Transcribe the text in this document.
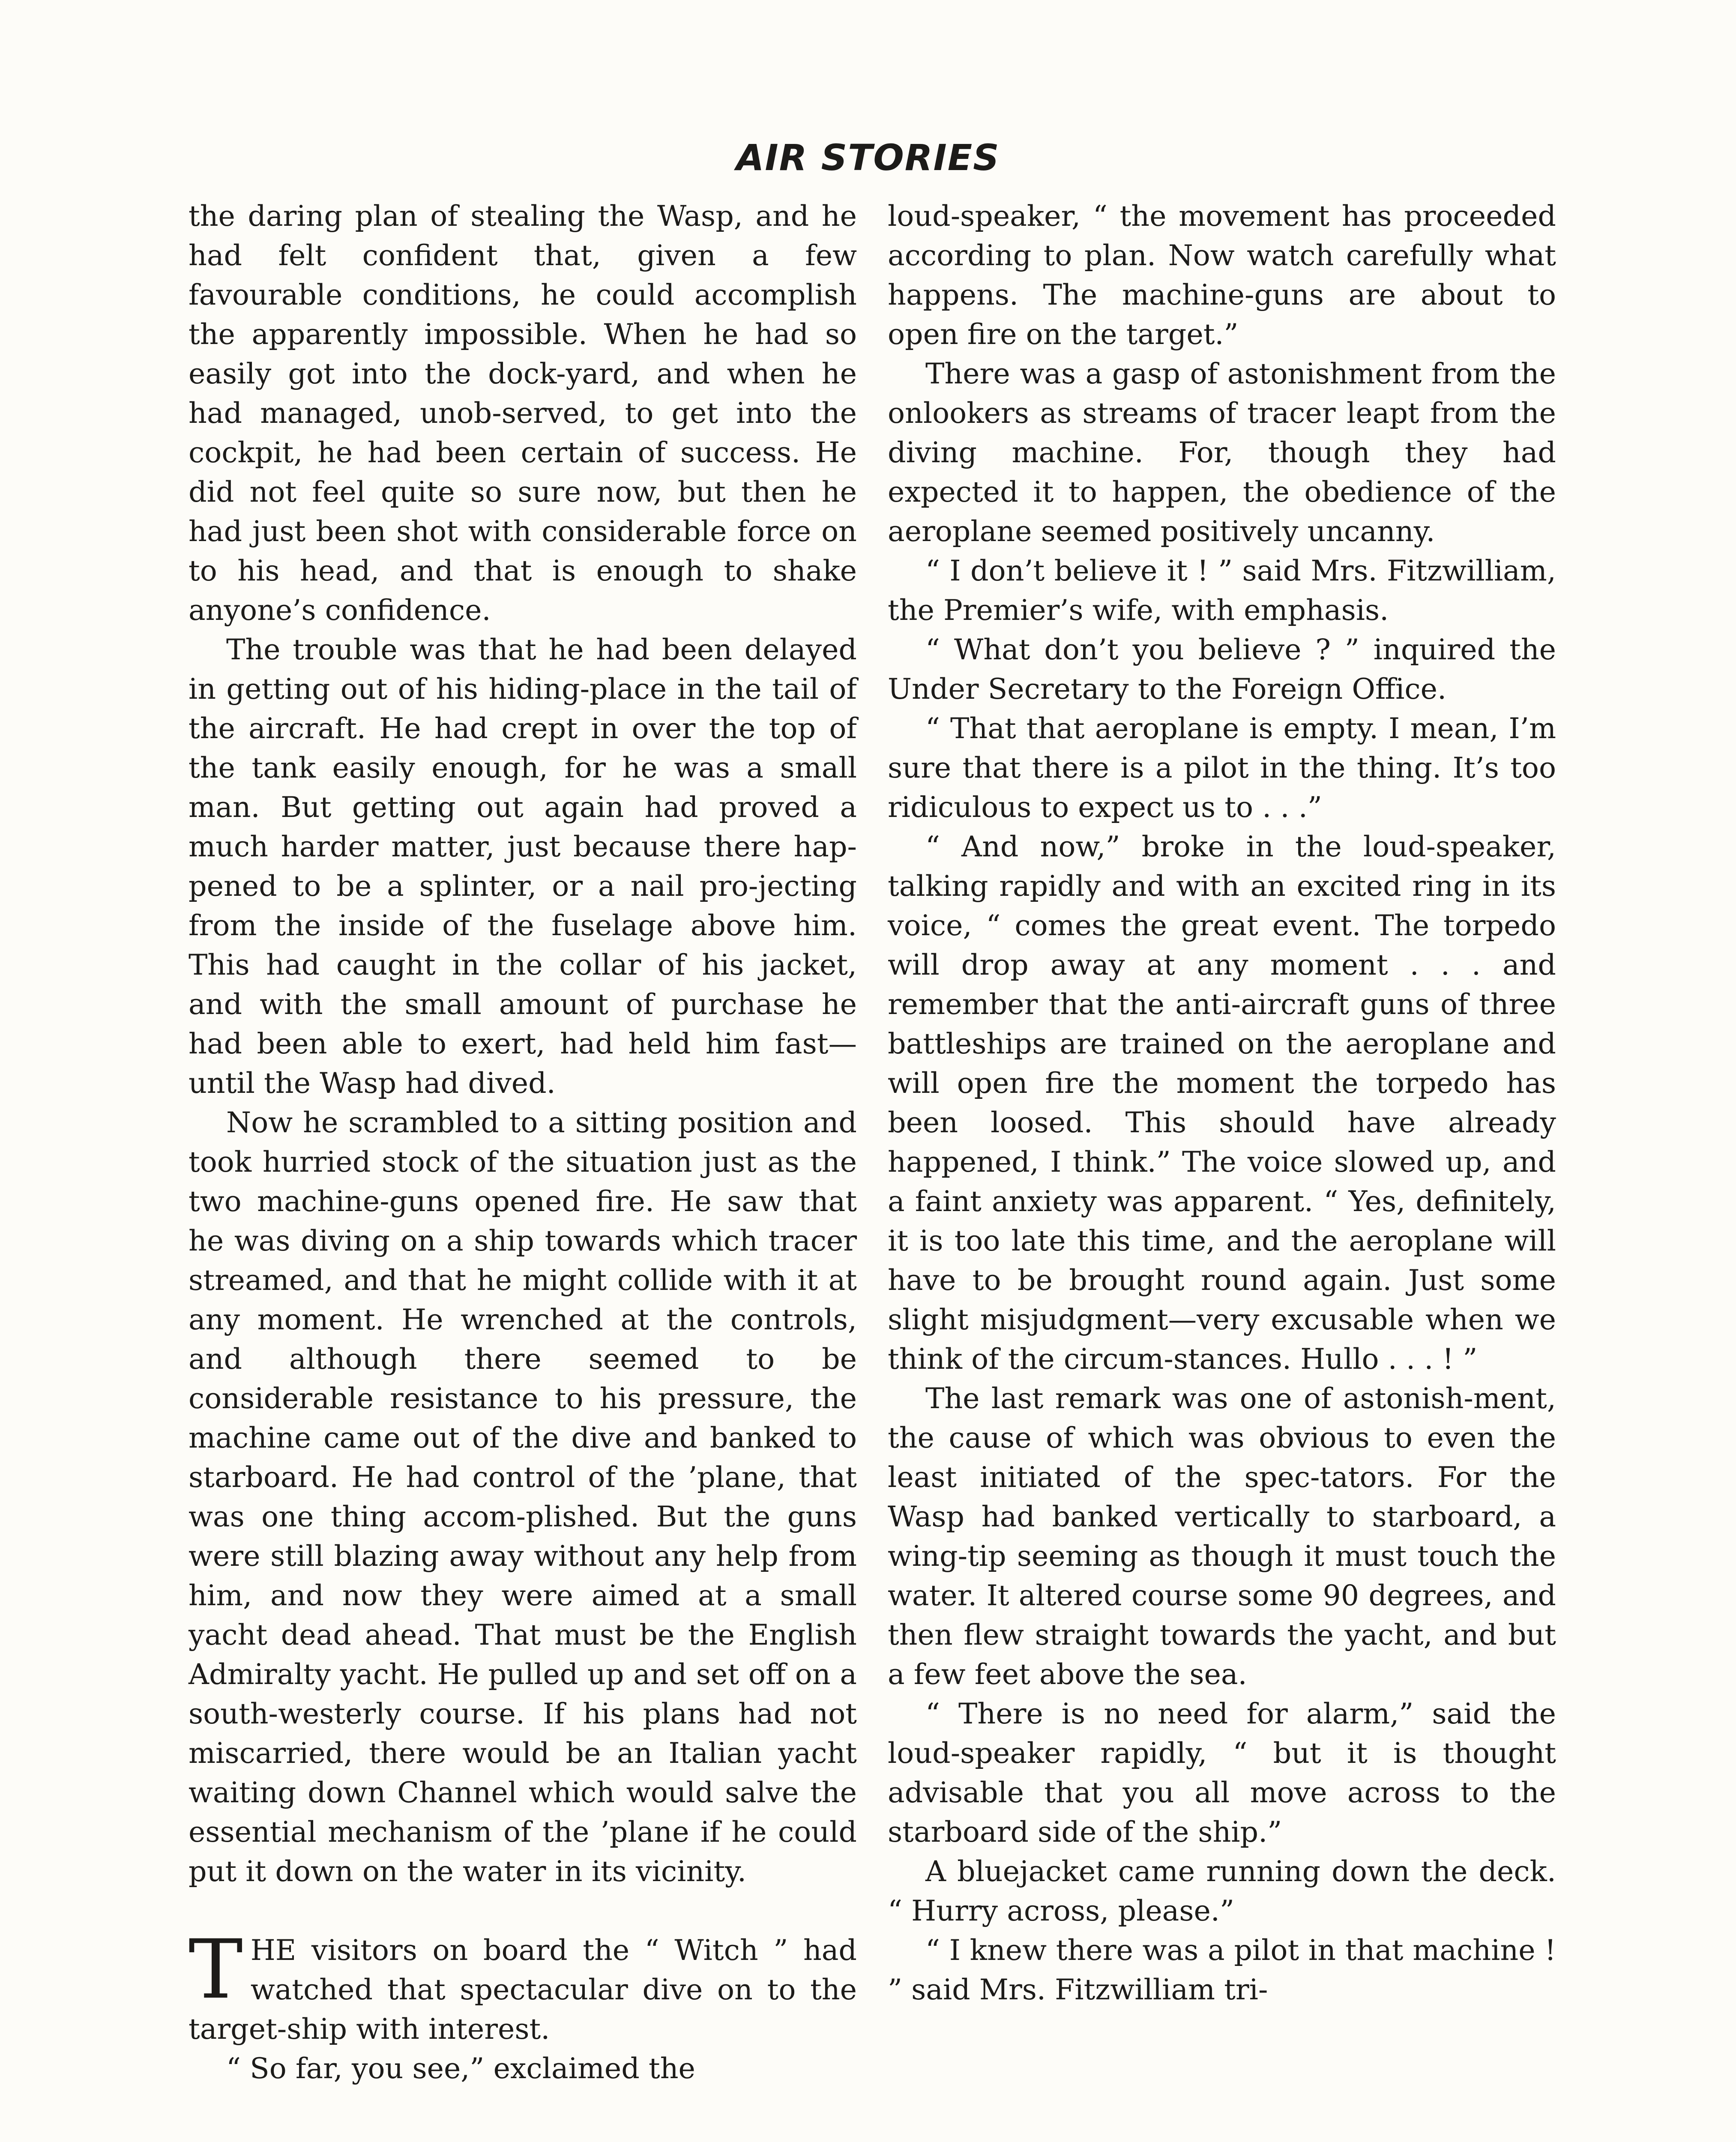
AIR STORIES

the daring plan of stealing the Wasp, and he had felt confident that, given a few favourable conditions, he could accomplish the apparently impossible. When he had so easily got into the dock-yard, and when he had managed, unob-served, to get into the cockpit, he had been certain of success. He did not feel quite so sure now, but then he had just been shot with considerable force on to his head, and that is enough to shake anyone’s confidence.

The trouble was that he had been delayed in getting out of his hiding-place in the tail of the aircraft. He had crept in over the top of the tank easily enough, for he was a small man. But getting out again had proved a much harder matter, just because there hap-pened to be a splinter, or a nail pro-jecting from the inside of the fuselage above him. This had caught in the collar of his jacket, and with the small amount of purchase he had been able to exert, had held him fast—until the Wasp had dived.

Now he scrambled to a sitting position and took hurried stock of the situation just as the two machine-guns opened fire. He saw that he was diving on a ship towards which tracer streamed, and that he might collide with it at any moment. He wrenched at the controls, and although there seemed to be considerable resistance to his pressure, the machine came out of the dive and banked to starboard. He had control of the ’plane, that was one thing accom-plished. But the guns were still blazing away without any help from him, and now they were aimed at a small yacht dead ahead. That must be the English Admiralty yacht. He pulled up and set off on a south-westerly course. If his plans had not miscarried, there would be an Italian yacht waiting down Channel which would salve the essential mechanism of the ’plane if he could put it down on the water in its vicinity.

T HE visitors on board the “ Witch ” had watched that spectacular dive on to the target-ship with interest.

“ So far, you see,” exclaimed the

loud-speaker, “ the movement has proceeded according to plan. Now watch carefully what happens. The machine-guns are about to open fire on the target.”

There was a gasp of astonishment from the onlookers as streams of tracer leapt from the diving machine. For, though they had expected it to happen, the obedience of the aeroplane seemed positively uncanny.

“ I don’t believe it ! ” said Mrs. Fitzwilliam, the Premier’s wife, with emphasis.

“ What don’t you believe ? ” inquired the Under Secretary to the Foreign Office.

“ That that aeroplane is empty. I mean, I’m sure that there is a pilot in the thing. It’s too ridiculous to expect us to . . .”

“ And now,” broke in the loud-speaker, talking rapidly and with an excited ring in its voice, “ comes the great event. The torpedo will drop away at any moment . . . and remember that the anti-aircraft guns of three battleships are trained on the aeroplane and will open fire the moment the torpedo has been loosed. This should have already happened, I think.” The voice slowed up, and a faint anxiety was apparent. “ Yes, definitely, it is too late this time, and the aeroplane will have to be brought round again. Just some slight misjudgment—very excusable when we think of the circum-stances. Hullo . . . ! ”

The last remark was one of astonish-ment, the cause of which was obvious to even the least initiated of the spec-tators. For the Wasp had banked vertically to starboard, a wing-tip seeming as though it must touch the water. It altered course some 90 degrees, and then flew straight towards the yacht, and but a few feet above the sea.

“ There is no need for alarm,” said the loud-speaker rapidly, “ but it is thought advisable that you all move across to the starboard side of the ship.”

A bluejacket came running down the deck. “ Hurry across, please.”

“ I knew there was a pilot in that machine ! ” said Mrs. Fitzwilliam tri-
